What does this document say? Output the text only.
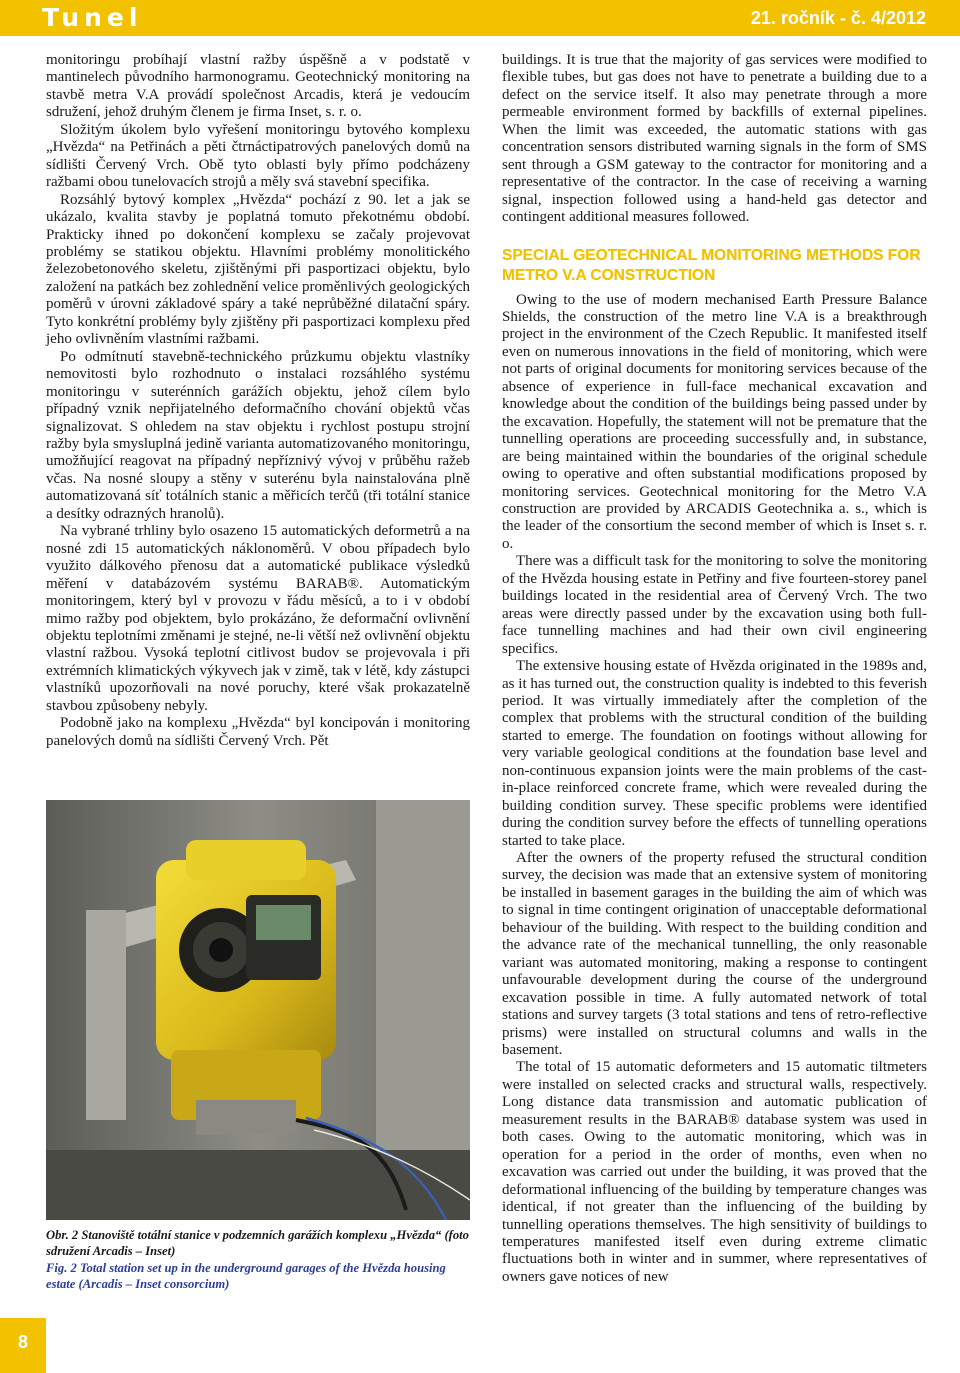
Tunel	21. ročník - č. 4/2012

monitoringu probíhají vlastní ražby úspěšně a v podstatě v mantinelech původního harmonogramu. Geotechnický monitoring na stavbě metra V.A provádí společnost Arcadis, která je vedoucím sdružení, jehož druhým členem je firma Inset, s. r. o.

Složitým úkolem bylo vyřešení monitoringu bytového komplexu „Hvězda“ na Petřinách a pěti čtrnáctipatrových panelových domů na sídlišti Červený Vrch. Obě tyto oblasti byly přímo podcházeny ražbami obou tunelovacích strojů a měly svá stavební specifika.

Rozsáhlý bytový komplex „Hvězda“ pochází z 90. let a jak se ukázalo, kvalita stavby je poplatná tomuto překotnému období. Prakticky ihned po dokončení komplexu se začaly projevovat problémy se statikou objektu. Hlavními problémy monolitického železobetonového skeletu, zjištěnými při pasportizaci objektu, bylo založení na patkách bez zohlednění velice proměnlivých geologických poměrů v úrovni základové spáry a také neprůběžné dilatační spáry. Tyto konkrétní problémy byly zjištěny při pasportizaci komplexu před jeho ovlivněním vlastními ražbami.

Po odmítnutí stavebně-technického průzkumu objektu vlastníky nemovitosti bylo rozhodnuto o instalaci rozsáhlého systému monitoringu v suterénních garážích objektu, jehož cílem bylo případný vznik nepřijatelného deformačního chování objektů včas signalizovat. S ohledem na stav objektu i rychlost postupu strojní ražby byla smysluplná jedině varianta automatizovaného monitoringu, umožňující reagovat na případný nepříznivý vývoj v průběhu ražeb včas. Na nosné sloupy a stěny v suterénu byla nainstalována plně automatizovaná síť totálních stanic a měřicích terčů (tři totální stanice a desítky odrazných hranolů).

Na vybrané trhliny bylo osazeno 15 automatických deformetrů a na nosné zdi 15 automatických náklonoměrů. V obou případech bylo využito dálkového přenosu dat a automatické publikace výsledků měření v databázovém systému BARAB®. Automatickým monitoringem, který byl v provozu v řádu měsíců, a to i v období mimo ražby pod objektem, bylo prokázáno, že deformační ovlivnění objektu teplotními změnami je stejné, ne-li větší než ovlivnění objektu vlastní ražbou. Vysoká teplotní citlivost budov se projevovala i při extrémních klimatických výkyvech jak v zimě, tak v létě, kdy zástupci vlastníků upozorňovali na nové poruchy, které však prokazatelně stavbou způsobeny nebyly.

Podobně jako na komplexu „Hvězda“ byl koncipován i monitoring panelových domů na sídlišti Červený Vrch. Pět

Obr. 2 Stanoviště totální stanice v podzemních garážích komplexu „Hvězda“ (foto sdružení Arcadis – Inset)
Fig. 2 Total station set up in the underground garages of the Hvězda housing estate (Arcadis – Inset consorcium)

buildings. It is true that the majority of gas services were modified to flexible tubes, but gas does not have to penetrate a building due to a defect on the service itself. It also may penetrate through a more permeable environment formed by backfills of external pipelines. When the limit was exceeded, the automatic stations with gas concentration sensors distributed warning signals in the form of SMS sent through a GSM gateway to the contractor for monitoring and a representative of the contractor. In the case of receiving a warning signal, inspection followed using a hand-held gas detector and contingent additional measures followed.

SPECIAL GEOTECHNICAL MONITORING METHODS FOR METRO V.A CONSTRUCTION

Owing to the use of modern mechanised Earth Pressure Balance Shields, the construction of the metro line V.A is a breakthrough project in the environment of the Czech Republic. It manifested itself even on numerous innovations in the field of monitoring, which were not parts of original documents for monitoring services because of the absence of experience in full-face mechanical excavation and knowledge about the condition of the buildings being passed under by the excavation. Hopefully, the statement will not be premature that the tunnelling operations are proceeding successfully and, in substance, are being maintained within the boundaries of the original schedule owing to operative and often substantial modifications proposed by monitoring services. Geotechnical monitoring for the Metro V.A construction are provided by ARCADIS Geotechnika a. s., which is the leader of the consortium the second member of which is Inset s. r. o.

There was a difficult task for the monitoring to solve the monitoring of the Hvězda housing estate in Petřiny and five fourteen-storey panel buildings located in the residential area of Červený Vrch. The two areas were directly passed under by the excavation using both full-face tunnelling machines and had their own civil engineering specifics.

The extensive housing estate of Hvězda originated in the 1989s and, as it has turned out, the construction quality is indebted to this feverish period. It was virtually immediately after the completion of the complex that problems with the structural condition of the building started to emerge. The foundation on footings without allowing for very variable geological conditions at the foundation base level and non-continuous expansion joints were the main problems of the cast-in-place reinforced concrete frame, which were revealed during the building condition survey. These specific problems were identified during the condition survey before the effects of tunnelling operations started to take place.

After the owners of the property refused the structural condition survey, the decision was made that an extensive system of monitoring be installed in basement garages in the building the aim of which was to signal in time contingent origination of unacceptable deformational behaviour of the building. With respect to the building condition and the advance rate of the mechanical tunnelling, the only reasonable variant was automated monitoring, making a response to contingent unfavourable development during the course of the underground excavation possible in time. A fully automated network of total stations and survey targets (3 total stations and tens of retro-reflective prisms) were installed on structural columns and walls in the basement.

The total of 15 automatic deformeters and 15 automatic tiltmeters were installed on selected cracks and structural walls, respectively. Long distance data transmission and automatic publication of measurement results in the BARAB® database system was used in both cases. Owing to the automatic monitoring, which was in operation for a period in the order of months, even when no excavation was carried out under the building, it was proved that the deformational influencing of the building by temperature changes was identical, if not greater than the influencing of the building by tunnelling operations themselves. The high sensitivity of buildings to temperatures manifested itself even during extreme climatic fluctuations both in winter and in summer, where representatives of owners gave notices of new

8
